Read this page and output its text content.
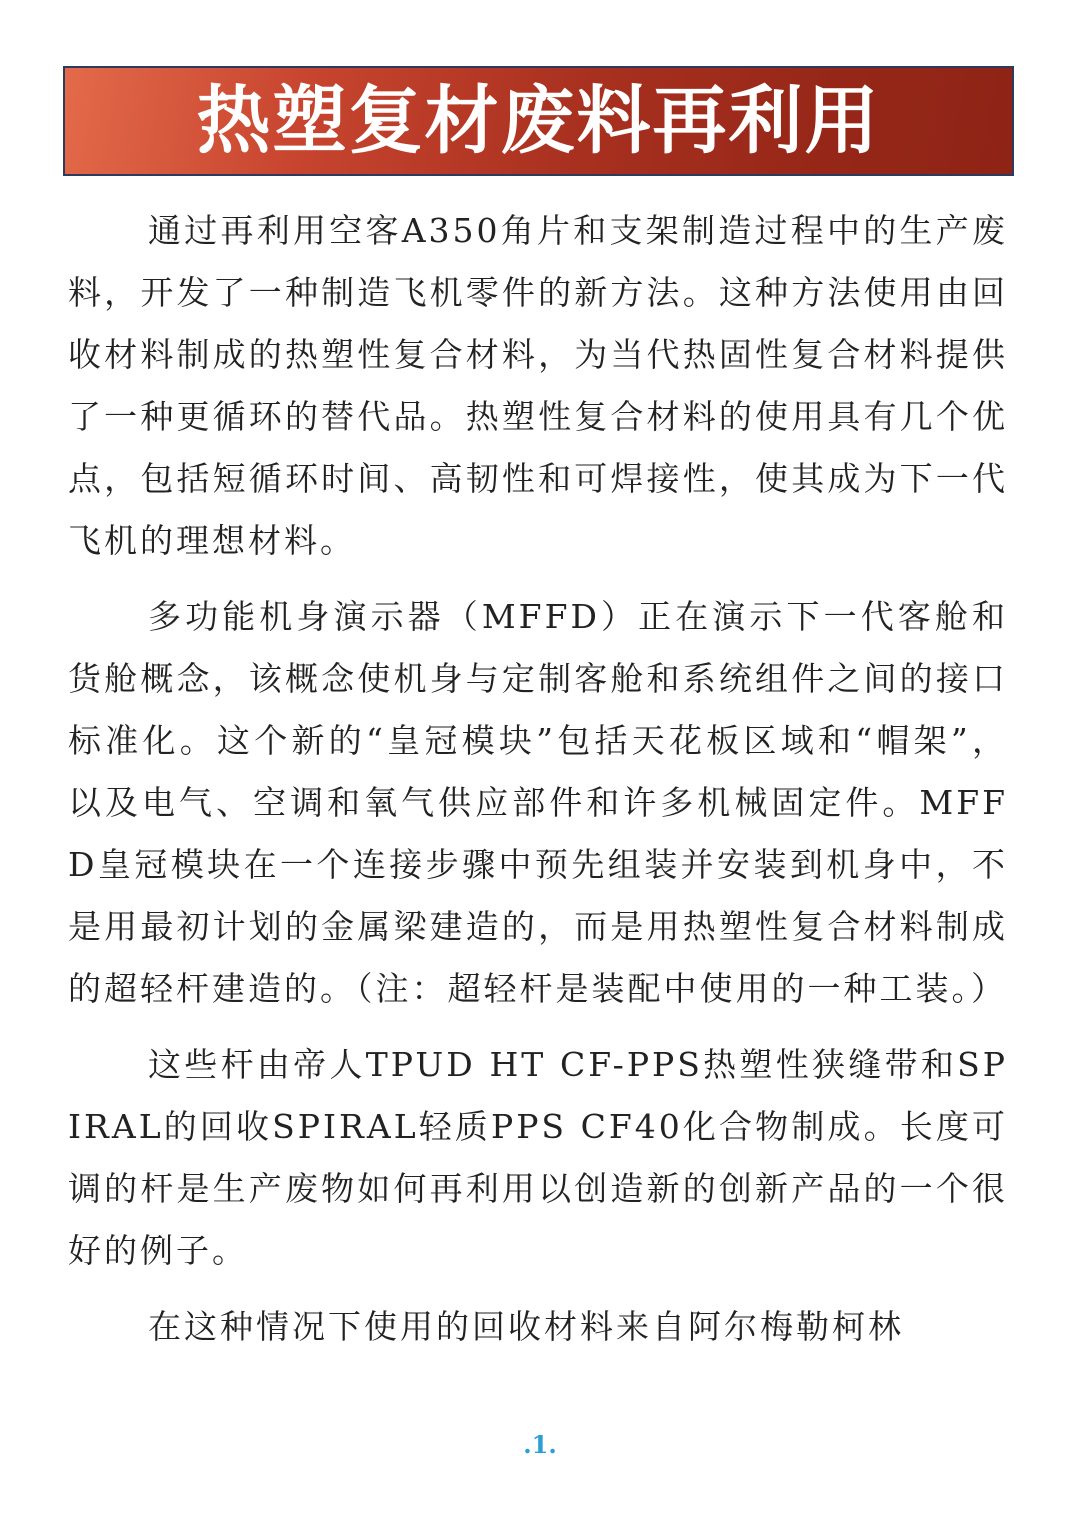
热塑复材废料再利用

通过再利用空客A350角片和支架制造过程中的生产废料，开发了一种制造飞机零件的新方法。这种方法使用由回收材料制成的热塑性复合材料，为当代热固性复合材料提供了一种更循环的替代品。热塑性复合材料的使用具有几个优点，包括短循环时间、高韧性和可焊接性，使其成为下一代飞机的理想材料。

多功能机身演示器（MFFD）正在演示下一代客舱和货舱概念，该概念使机身与定制客舱和系统组件之间的接口标准化。这个新的“皇冠模块”包括天花板区域和“帽架”，以及电气、空调和氧气供应部件和许多机械固定件。MFFD皇冠模块在一个连接步骤中预先组装并安装到机身中，不是用最初计划的金属梁建造的，而是用热塑性复合材料制成的超轻杆建造的。（注：超轻杆是装配中使用的一种工装。）

这些杆由帝人TPUD HT CF-PPS热塑性狭缝带和SPIRAL的回收SPIRAL轻质PPS CF40化合物制成。长度可调的杆是生产废物如何再利用以创造新的创新产品的一个很好的例子。

在这种情况下使用的回收材料来自阿尔梅勒柯林

.1.
